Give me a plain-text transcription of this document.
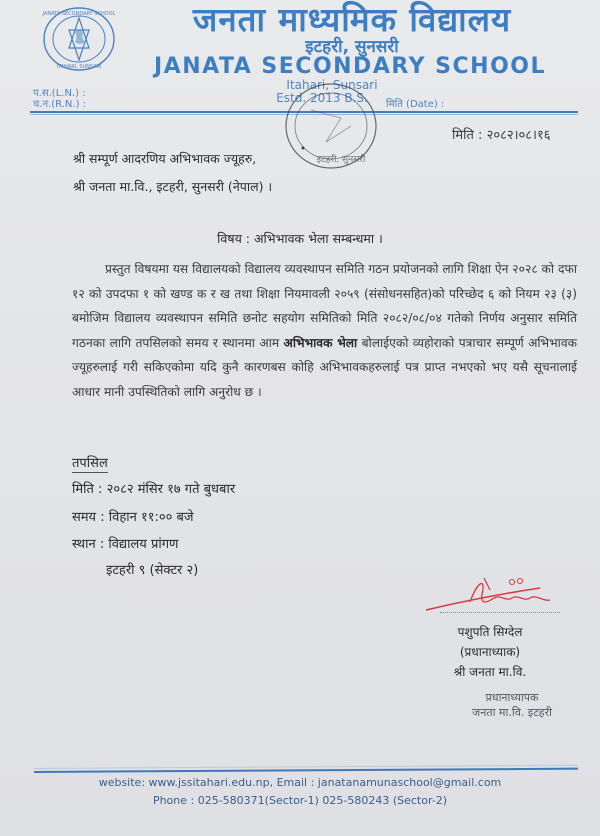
JANATA SECONDARY SCHOOL
ITAHARI, SUNSARI
जनता माध्यमिक विद्यालय
इटहरी, सुनसरी
JANATA SECONDARY SCHOOL
Itahari, Sunsari
Estd. 2013 B.S.	मिति (Date) :
प.स.(L.N.) :
च.न.(R.N.) :
इटहरी, सुनसरी
मिति : २०८२।०८।१६
श्री सम्पूर्ण आदरणिय अभिभावक ज्यूहरु,
श्री जनता मा.वि., इटहरी, सुनसरी (नेपाल) ।
विषय : अभिभावक भेला सम्बन्धमा ।
प्रस्तुत विषयमा यस विद्यालयको विद्यालय व्यवस्थापन समिति गठन प्रयोजनको लागि शिक्षा ऐन २०२८ को दफा १२ को उपदफा १ को खण्ड क र ख तथा शिक्षा नियमावली २०५९ (संसोधनसहित)को परिच्छेद ६ को नियम २३ (३) बमोजिम विद्यालय व्यवस्थापन समिति छनोट सहयोग समितिको मिति २०८२/०८/०४ गतेको निर्णय अनुसार समिति गठनका लागि तपसिलको समय र स्थानमा आम अभिभावक भेला बोलाईएको व्यहोराको पत्राचार सम्पूर्ण अभिभावक ज्यूहरुलाई गरी सकिएकोमा यदि कुनै कारणबस कोहि अभिभावकहरुलाई पत्र प्राप्त नभएको भए यसै सूचनालाई आधार मानी उपस्थितिको लागि अनुरोध छ ।
तपसिल
मिति : २०८२ मंसिर १७ गते बुधबार
समय : विहान ११:०० बजे
स्थान : विद्यालय प्रांगण
इटहरी ९ (सेक्टर २)
पशुपति सिग्देल
(प्रधानाध्याक)
श्री जनता मा.वि.
प्रधानाध्यापक
जनता मा.वि. इटहरी
website: www.jssitahari.edu.np, Email : janatanamunaschool@gmail.com
Phone : 025-580371(Sector-1) 025-580243 (Sector-2)
